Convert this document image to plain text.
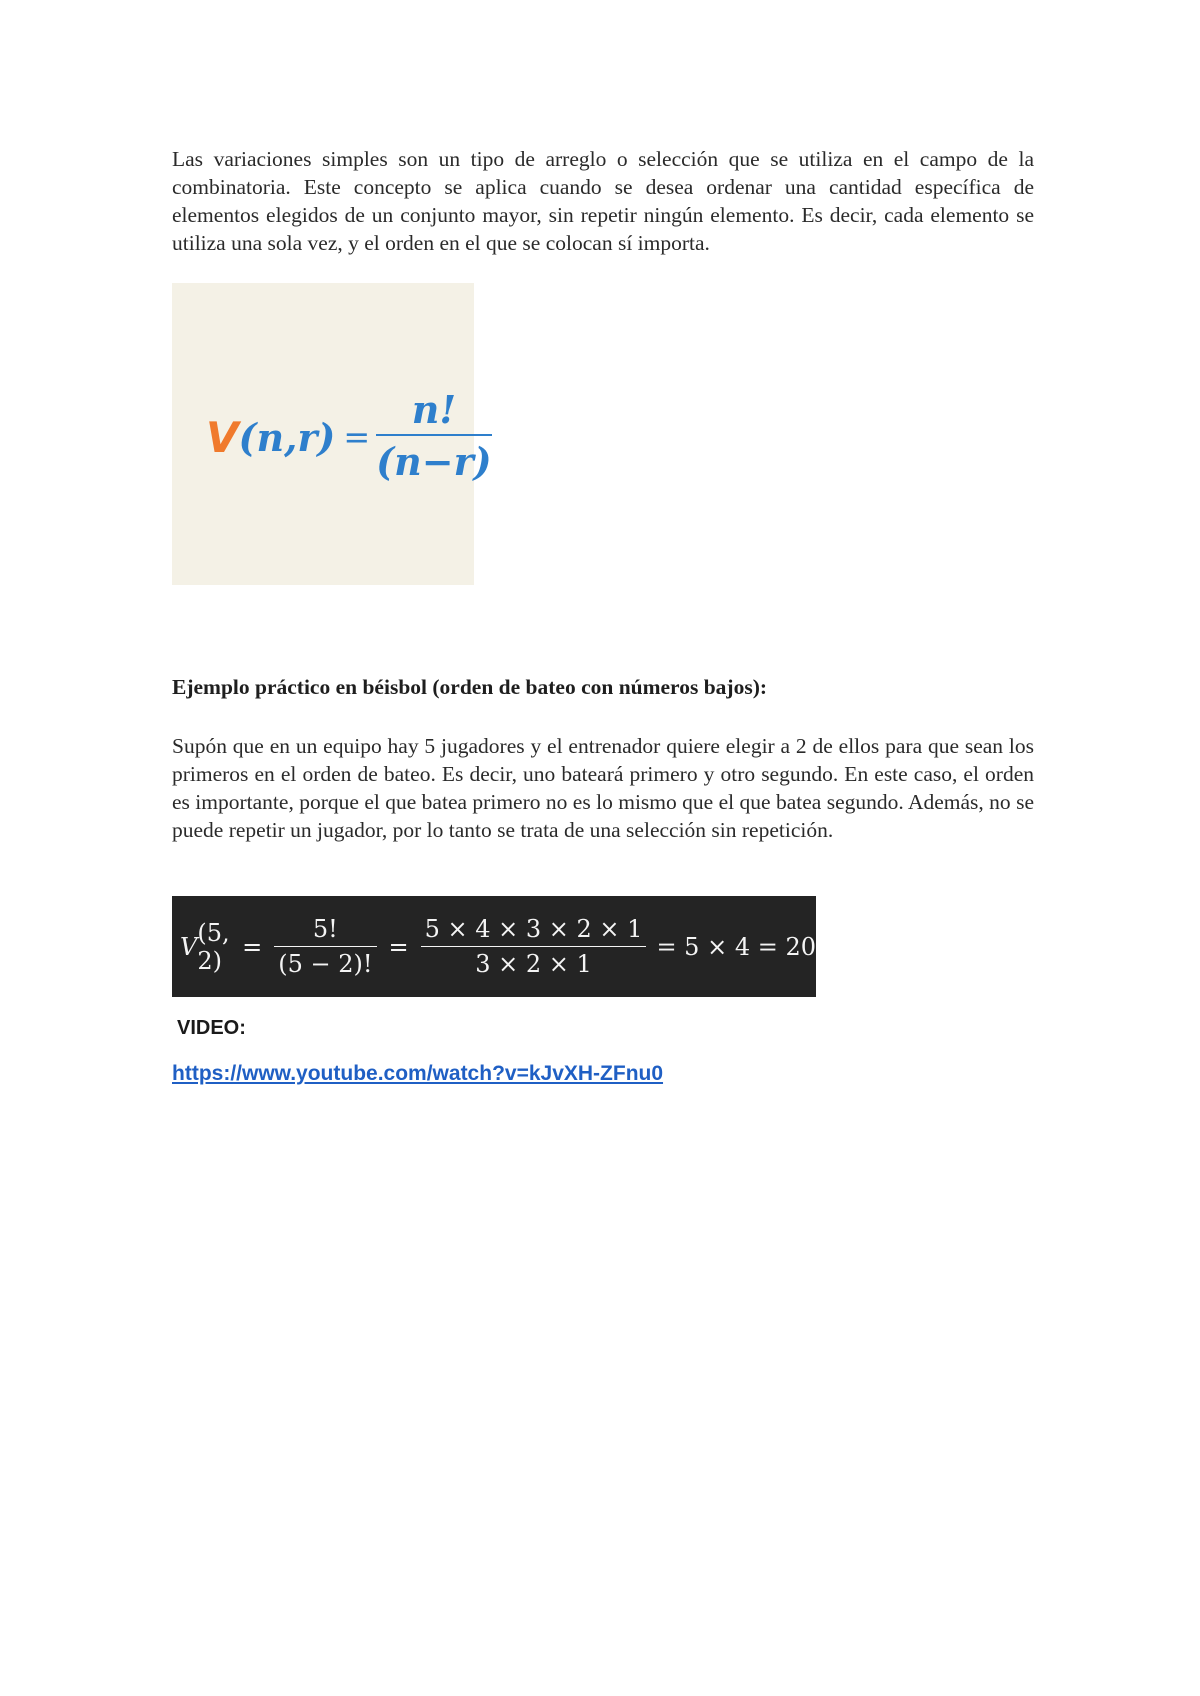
Las variaciones simples son un tipo de arreglo o selección que se utiliza en el campo de la combinatoria. Este concepto se aplica cuando se desea ordenar una cantidad específica de elementos elegidos de un conjunto mayor, sin repetir ningún elemento. Es decir, cada elemento se utiliza una sola vez, y el orden en el que se colocan sí importa.

V $(n,r) = \frac{n!}{(n-r)}$

Ejemplo práctico en béisbol (orden de bateo con números bajos):

Supón que en un equipo hay 5 jugadores y el entrenador quiere elegir a 2 de ellos para que sean los primeros en el orden de bateo. Es decir, uno bateará primero y otro segundo. En este caso, el orden es importante, porque el que batea primero no es lo mismo que el que batea segundo. Además, no se puede repetir un jugador, por lo tanto se trata de una selección sin repetición.

V (5, 2) =
5!
(5 − 2)!
=
5 × 4 × 3 × 2 × 1
3 × 2 × 1
= 5 × 4 = 20

VIDEO:

https://www.youtube.com/watch?v=kJvXH-ZFnu0
